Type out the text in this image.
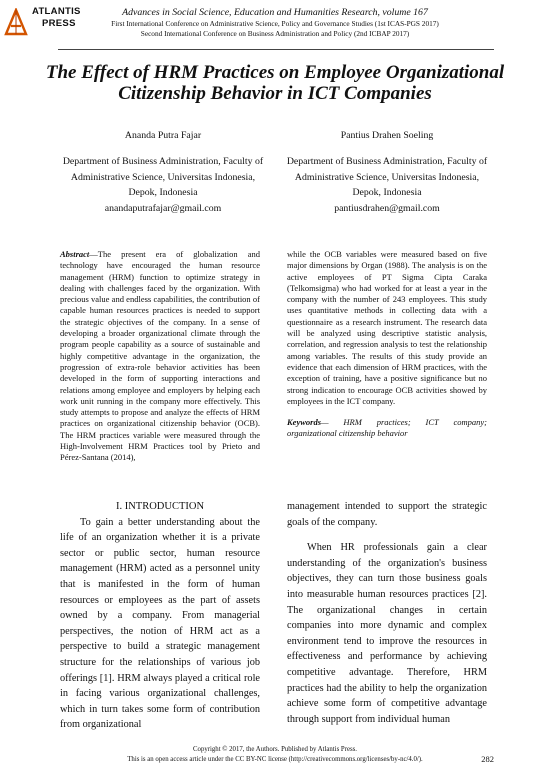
ATLANTIS
PRESS
Advances in Social Science, Education and Humanities Research, volume 167
First International Conference on Administrative Science, Policy and Governance Studies (1st ICAS-PGS 2017)
Second International Conference on Business Administration and Policy (2nd ICBAP 2017)
The Effect of HRM Practices on Employee Organizational Citizenship Behavior in ICT Companies
Ananda Putra Fajar
Department of Business Administration, Faculty of
Administrative Science, Universitas Indonesia,
Depok, Indonesia
anandaputrafajar@gmail.com
Pantius Drahen Soeling
Department of Business Administration, Faculty of
Administrative Science, Universitas Indonesia,
Depok, Indonesia
pantiusdrahen@gmail.com
Abstract—The present era of globalization and technology have encouraged the human resource management (HRM) function to optimize strategy in dealing with challenges faced by the organization. With precious value and endless capabilities, the contribution of capable human resources practices is needed to support the strategic objectives of the company. In a sense of developing a broader organizational climate through the program people capability as a source of sustainable and highly competitive advantage in the organization, the progression of extra-role behavior activities has been developed in the form of supporting interactions and relations among employee and employers by helping each work unit running in the company more effectively. This study attempts to propose and analyze the effects of HRM practices on organizational citizenship behavior (OCB). The HRM practices variable were measured through the High-Involvement HRM Practices tool by Prieto and Pérez-Santana (2014),
while the OCB variables were measured based on five major dimensions by Organ (1988). The analysis is on the active employees of PT Sigma Cipta Caraka (Telkomsigma) who had worked for at least a year in the company with the number of 243 employees. This study uses quantitative methods in collecting data with a questionnaire as a research instrument. The research data will be analyzed using descriptive statistic analysis, correlation, and regression analysis to test the relationship among variables. The results of this study provide an evidence that each dimension of HRM practices, with the exception of training, have a positive significance but no strong indication to encourage OCB activities showed by employees in the ICT company.
Keywords— HRM practices; ICT company; organizational citizenship behavior
I. INTRODUCTION
To gain a better understanding about the life of an organization whether it is a private sector or public sector, human resource management (HRM) acted as a personnel unity that is manifested in the form of human resources or employees as the part of assets owned by a company. From managerial perspectives, the notion of HRM act as a perspective to build a strategic management structure for the relationships of various job offerings [1]. HRM always played a critical role in facing various organizational challenges, which in turn takes some form of contribution from organizational
management intended to support the strategic goals of the company.
When HR professionals gain a clear understanding of the organization's business objectives, they can turn those business goals into measurable human resources practices [2]. The organizational changes in certain companies into more dynamic and complex environment tend to improve the resources in effectiveness and performance by achieving competitive advantage. Therefore, HRM practices had the ability to help the organization achieve some form of competitive advantage through support from individual human
Copyright © 2017, the Authors. Published by Atlantis Press.
This is an open access article under the CC BY-NC license (http://creativecommons.org/licenses/by-nc/4.0/).	282
